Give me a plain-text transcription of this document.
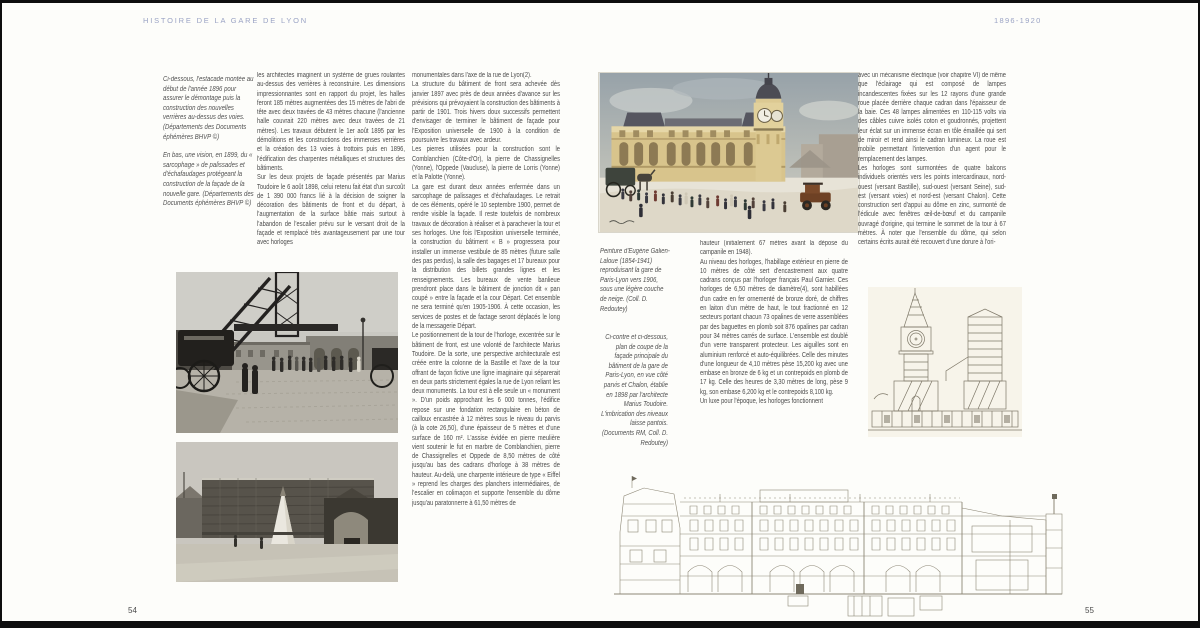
HISTOIRE DE LA GARE DE LYON	1896-1920

Ci-dessous, l'estacade montée au début de l'année 1896 pour assurer le démontage puis la construction des nouvelles verrières au-dessus des voies. (Départements des Documents éphémères BHVP ©)

En bas, une vision, en 1899, du « sarcophage » de palissades et d'échafaudages protégeant la construction de la façade de la nouvelle gare. (Départements des Documents éphémères BHVP ©)

les architectes imaginent un système de grues roulantes au-dessus des verrières à reconstruire. Les dimensions impressionnantes sont en rapport du projet, les halles feront 185 mètres augmentées des 15 mètres de l'abri de tête avec deux travées de 43 mètres chacune (l'ancienne halle couvrait 220 mètres avec deux travées de 21 mètres). Les travaux débutent le 1er août 1895 par les démolitions et les constructions des immenses verrières et la création des 13 voies à trottoirs puis en 1896, l'édification des charpentes métalliques et structures des bâtiments.

Sur les deux projets de façade présentés par Marius Toudoire le 6 août 1898, celui retenu fait état d'un surcoût de 1 390 000 francs lié à la décision de soigner la décoration des bâtiments de front et du départ, à l'augmentation de la surface bâtie mais surtout à l'abandon de l'escalier prévu sur le versant droit de la façade et remplacé très avantageusement par une tour avec horloges

monumentales dans l'axe de la rue de Lyon(2).

La structure du bâtiment de front sera achevée dès janvier 1897 avec près de deux années d'avance sur les prévisions qui prévoyaient la construction des bâtiments à partir de 1901. Trois hivers doux successifs permettent d'envisager de terminer le bâtiment de façade pour l'Exposition universelle de 1900 à la condition de poursuivre les travaux avec ardeur.

Les pierres utilisées pour la construction sont le Comblanchien (Côte-d'Or), la pierre de Chassignelles (Yonne), l'Oppede (Vaucluse), la pierre de Lorris (Yonne) et la Palotte (Yonne).

La gare est durant deux années enfermée dans un sarcophage de palissages et d'échafaudages. Le retrait de ces éléments, opéré le 10 septembre 1900, permet de rendre visible la façade. Il reste toutefois de nombreux travaux de décoration à réaliser et à parachever la tour et ses horloges. Une fois l'Exposition universelle terminée, la construction du bâtiment « B » progressera pour installer un immense vestibule de 85 mètres (future salle des pas perdus), la salle des bagages et 17 bureaux pour la distribution des billets grandes lignes et les renseignements. Les bureaux de vente banlieue prendront place dans le bâtiment de jonction dit « pan coupé » entre la façade et la cour Départ. Cet ensemble ne sera terminé qu'en 1905-1906. À cette occasion, les services de postes et de factage seront déplacés le long de la messagerie Départ.

Le positionnement de la tour de l'horloge, excentrée sur le bâtiment de front, est une volonté de l'architecte Marius Toudoire. De la sorte, une perspective architecturale est créée entre la colonne de la Bastille et l'axe de la tour offrant de façon fictive une ligne imaginaire qui séparerait en deux parts strictement égales la rue de Lyon reliant les deux monuments. La tour est à elle seule un « monument ». D'un poids approchant les 6 000 tonnes, l'édifice repose sur une fondation rectangulaire en béton de cailloux encastrée à 12 mètres sous le niveau du parvis (à la cote 26,50), d'une épaisseur de 5 mètres et d'une surface de 160 m². L'assise évidée en pierre meulière vient soutenir le fut en marbre de Comblanchien, pierre de Chassignelles et Oppede de 8,50 mètres de côté jusqu'au bas des cadrans d'horloge à 38 mètres de hauteur. Au-delà, une charpente intérieure de type « Eiffel » reprend les charges des planchers intermédiaires, de l'escalier en colimaçon et supporte l'ensemble du dôme jusqu'au paratonnerre à 61,50 mètres de

54

Peinture d'Eugène Galien-Laloue (1854-1941) reproduisant la gare de Paris-Lyon vers 1906, sous une légère couche de neige. (Coll. D. Redoutey)

Ci-contre et ci-dessous, plan de coupe de la façade principale du bâtiment de la gare de Paris-Lyon, en vue côté parvis et Chalon, établie en 1898 par l'architecte Marius Toudoire. L'imbrication des niveaux laisse pantois. (Documents RM, Coll. D. Redoutey)

hauteur (initialement 67 mètres avant la dépose du campanile en 1948).

Au niveau des horloges, l'habillage extérieur en pierre de 10 mètres de côté sert d'encastrement aux quatre cadrans conçus par l'horloger français Paul Garnier. Ces horloges de 6,50 mètres de diamètre(4), sont habillées d'un cadre en fer ornementé de bronze doré, de chiffres en laiton d'un mètre de haut, le tout fractionné en 12 secteurs portant chacun 73 opalines de verre assemblées par des baguettes en plomb soit 876 opalines par cadran pour 34 mètres carrés de surface. L'ensemble est doublé d'un verre transparent protecteur. Les aiguilles sont en aluminium renforcé et auto-équilibrées. Celle des minutes d'une longueur de 4,10 mètres pèse 15,200 kg avec une embase en bronze de 6 kg et un contrepoids en plomb de 17 kg. Celle des heures de 3,30 mètres de long, pèse 9 kg, son embase 6,200 kg et le contrepoids 8,100 kg.

Un luxe pour l'époque, les horloges fonctionnent

avec un mécanisme électrique (voir chapitre VI) de même que l'éclairage qui est composé de lampes incandescentes fixées sur les 12 rayons d'une grande roue placée derrière chaque cadran dans l'épaisseur de la baie. Ces 48 lampes alimentées en 110-115 volts via des câbles cuivre isolés coton et goudronnés, projettent leur éclat sur un immense écran en tôle émaillée qui sert de miroir et rend ainsi le cadran lumineux. La roue est mobile permettant l'intervention d'un agent pour le remplacement des lampes.

Les horloges sont surmontées de quatre balcons individuels orientés vers les points intercardinaux, nord-ouest (versant Bastille), sud-ouest (versant Seine), sud-est (versant voies) et nord-est (versant Chalon). Cette construction sert d'appui au dôme en zinc, surmonté de l'édicule avec fenêtres œil-de-bœuf et du campanile ouvragé d'origine, qui termine le sommet de la tour à 67 mètres. À noter que l'ensemble du dôme, qui selon certains écrits aurait été recouvert d'une dorure à l'ori-

55
